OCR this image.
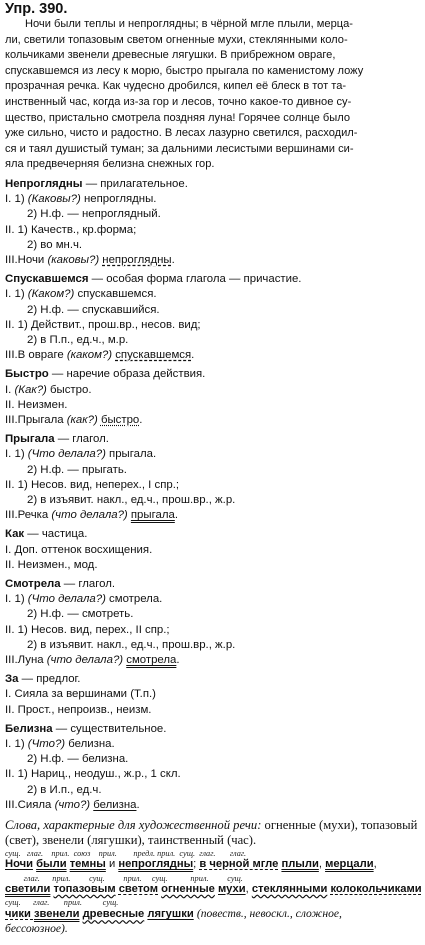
Упр. 390.
Ночи были теплы и непроглядны; в чёрной мгле плыли, мерца-
ли, светили топазовым светом огненные мухи, стеклянными коло-
кольчиками звенели древесные лягушки. В прибрежном овраге,
спускавшемся из лесу к морю, быстро прыгала по каменистому ложу
прозрачная речка. Как чудесно дробился, кипел её блеск в тот та-
инственный час, когда из-за гор и лесов, точно какое-то дивное су-
щество, пристально смотрела поздняя луна! Горячее солнце было
уже сильно, чисто и радостно. В лесах лазурно светился, расходил-
ся и таял душистый туман; за дальними лесистыми вершинами си-
яла предвечерняя белизна снежных гор.
Непроглядны — прилагательное.
I. 1) (Каковы?) непроглядны.
2) Н.ф. — непроглядный.
II. 1) Качеств., кр.форма;
2) во мн.ч.
III.Ночи (каковы?) непроглядны.
Спускавшемся — особая форма глагола — причастие.
I. 1) (Каком?) спускавшемся.
2) Н.ф. — спускавшийся.
II. 1) Действит., прош.вр., несов. вид;
2) в П.п., ед.ч., м.р.
III.В овраге (каком?) спускавшемся.
Быстро — наречие образа действия.
I. (Как?) быстро.
II. Неизмен.
III.Прыгала (как?) быстро.
Прыгала — глагол.
I. 1) (Что делала?) прыгала.
2) Н.ф. — прыгать.
II. 1) Несов. вид, неперех., I спр.;
2) в изъявит. накл., ед.ч., прош.вр., ж.р.
III.Речка (что делала?) прыгала.
Как — частица.
I. Доп. оттенок восхищения.
II. Неизмен., мод.
Смотрела — глагол.
I. 1) (Что делала?) смотрела.
2) Н.ф. — смотреть.
II. 1) Несов. вид, перех., II спр.;
2) в изъявит. накл., ед.ч., прош.вр., ж.р.
III.Луна (что делала?) смотрела.
За — предлог.
I. Сияла за вершинами (Т.п.)
II. Прост., непроизв., неизм.
Белизна — существительное.
I. 1) (Что?) белизна.
2) Н.ф. — белизна.
II. 1) Нариц., неодуш., ж.р., 1 скл.
2) в И.п., ед.ч.
III.Сияла (что?) белизна.
Слова, характерные для художественной речи: огненные (мухи), топазовый (свет), звенели (лягушки), таинственный (час).
сущ.   глаг.    прил.  союз    прил.        предл. прил.  сущ.  глаг.       глаг.
Ночи были темны и непроглядны; в черной мгле плыли, мерцали,
глаг.      прил.         сущ.         прил.     сущ.           прил.         сущ.
светили топазовым светом огненные мухи, стеклянными колокольчиками
сущ.      глаг.       прил.          сущ.
чики звенели древесные лягушки (повеств., невоскл., сложное,
бессоюзное).
